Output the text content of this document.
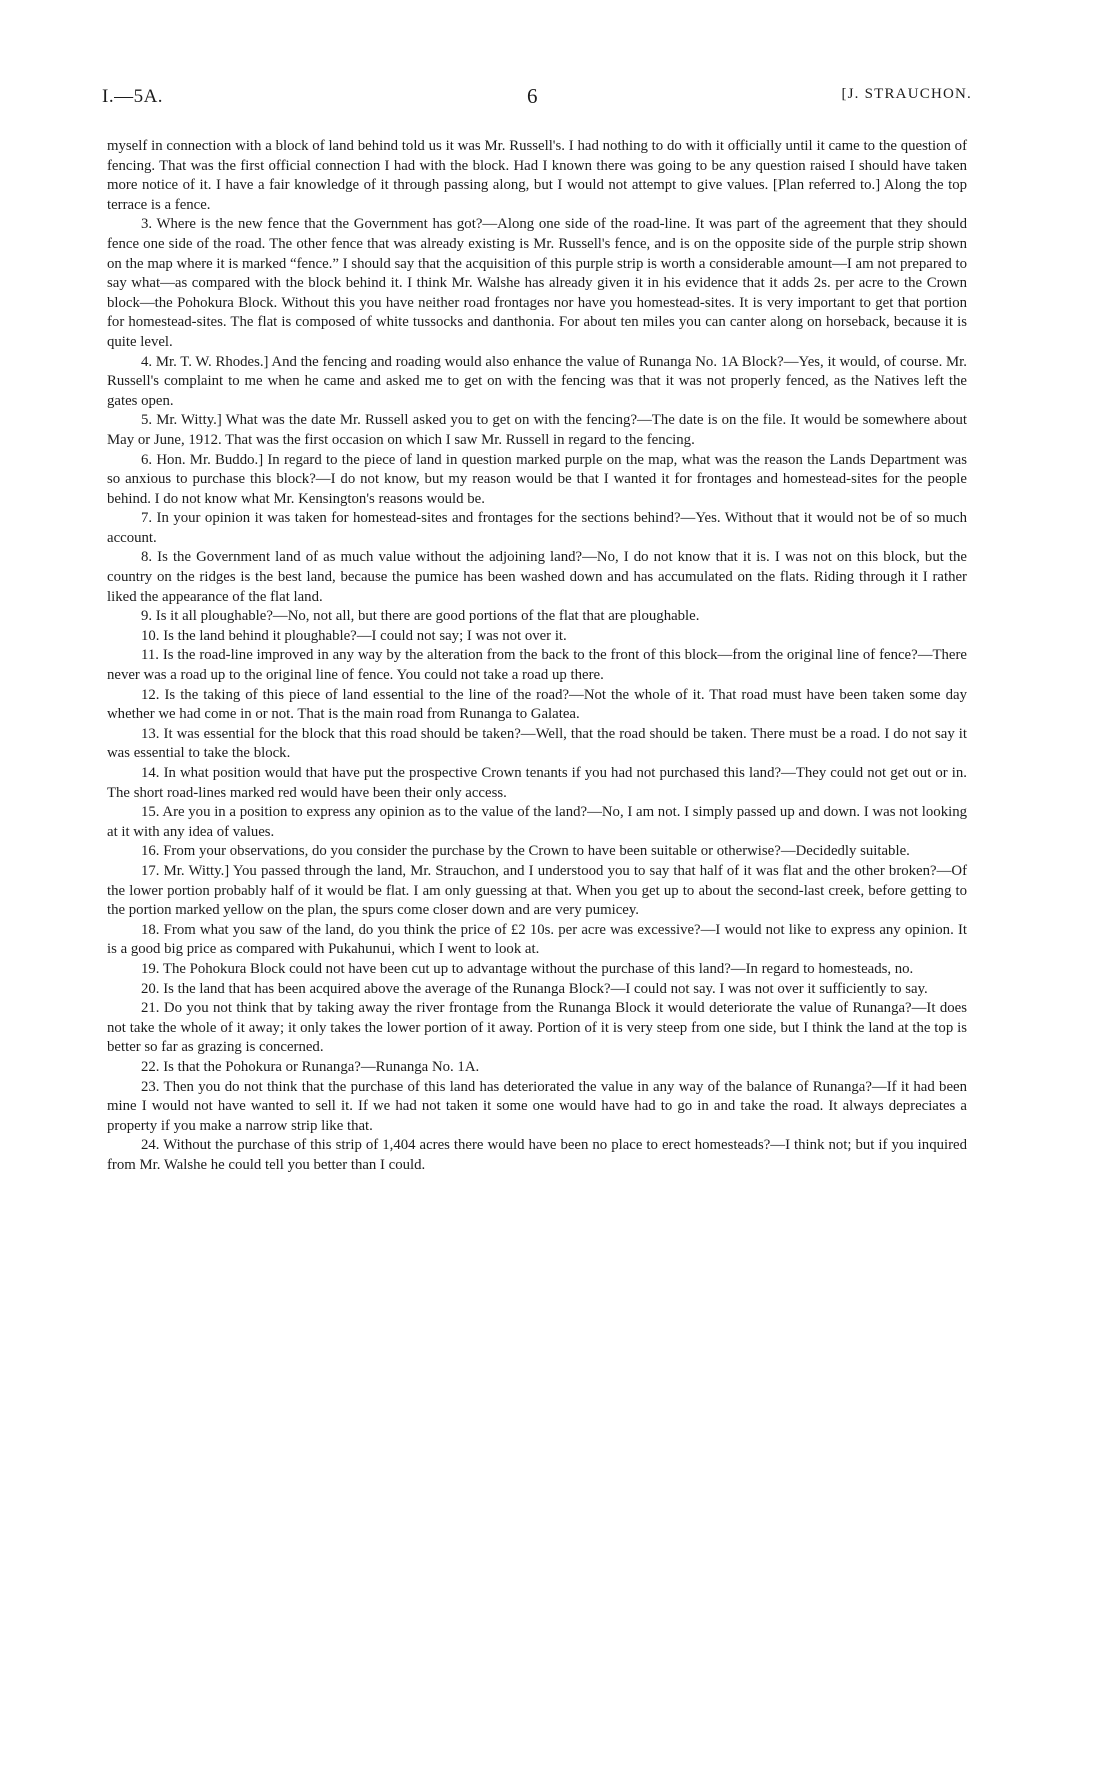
I.—5A.	6	[J. STRAUCHON.

myself in connection with a block of land behind told us it was Mr. Russell's. I had nothing to do with it officially until it came to the question of fencing. That was the first official connection I had with the block. Had I known there was going to be any question raised I should have taken more notice of it. I have a fair knowledge of it through passing along, but I would not attempt to give values. [Plan referred to.] Along the top terrace is a fence.

3. Where is the new fence that the Government has got?—Along one side of the road-line. It was part of the agreement that they should fence one side of the road. The other fence that was already existing is Mr. Russell's fence, and is on the opposite side of the purple strip shown on the map where it is marked “fence.” I should say that the acquisition of this purple strip is worth a considerable amount—I am not prepared to say what—as compared with the block behind it. I think Mr. Walshe has already given it in his evidence that it adds 2s. per acre to the Crown block—the Pohokura Block. Without this you have neither road frontages nor have you homestead-sites. It is very important to get that portion for homestead-sites. The flat is composed of white tussocks and danthonia. For about ten miles you can canter along on horseback, because it is quite level.

4. Mr. T. W. Rhodes.] And the fencing and roading would also enhance the value of Runanga No. 1A Block?—Yes, it would, of course. Mr. Russell's complaint to me when he came and asked me to get on with the fencing was that it was not properly fenced, as the Natives left the gates open.

5. Mr. Witty.] What was the date Mr. Russell asked you to get on with the fencing?—The date is on the file. It would be somewhere about May or June, 1912. That was the first occasion on which I saw Mr. Russell in regard to the fencing.

6. Hon. Mr. Buddo.] In regard to the piece of land in question marked purple on the map, what was the reason the Lands Department was so anxious to purchase this block?—I do not know, but my reason would be that I wanted it for frontages and homestead-sites for the people behind. I do not know what Mr. Kensington's reasons would be.

7. In your opinion it was taken for homestead-sites and frontages for the sections behind?—Yes. Without that it would not be of so much account.

8. Is the Government land of as much value without the adjoining land?—No, I do not know that it is. I was not on this block, but the country on the ridges is the best land, because the pumice has been washed down and has accumulated on the flats. Riding through it I rather liked the appearance of the flat land.

9. Is it all ploughable?—No, not all, but there are good portions of the flat that are ploughable.

10. Is the land behind it ploughable?—I could not say; I was not over it.

11. Is the road-line improved in any way by the alteration from the back to the front of this block—from the original line of fence?—There never was a road up to the original line of fence. You could not take a road up there.

12. Is the taking of this piece of land essential to the line of the road?—Not the whole of it. That road must have been taken some day whether we had come in or not. That is the main road from Runanga to Galatea.

13. It was essential for the block that this road should be taken?—Well, that the road should be taken. There must be a road. I do not say it was essential to take the block.

14. In what position would that have put the prospective Crown tenants if you had not purchased this land?—They could not get out or in. The short road-lines marked red would have been their only access.

15. Are you in a position to express any opinion as to the value of the land?—No, I am not. I simply passed up and down. I was not looking at it with any idea of values.

16. From your observations, do you consider the purchase by the Crown to have been suitable or otherwise?—Decidedly suitable.

17. Mr. Witty.] You passed through the land, Mr. Strauchon, and I understood you to say that half of it was flat and the other broken?—Of the lower portion probably half of it would be flat. I am only guessing at that. When you get up to about the second-last creek, before getting to the portion marked yellow on the plan, the spurs come closer down and are very pumicey.

18. From what you saw of the land, do you think the price of £2 10s. per acre was excessive?—I would not like to express any opinion. It is a good big price as compared with Pukahunui, which I went to look at.

19. The Pohokura Block could not have been cut up to advantage without the purchase of this land?—In regard to homesteads, no.

20. Is the land that has been acquired above the average of the Runanga Block?—I could not say. I was not over it sufficiently to say.

21. Do you not think that by taking away the river frontage from the Runanga Block it would deteriorate the value of Runanga?—It does not take the whole of it away; it only takes the lower portion of it away. Portion of it is very steep from one side, but I think the land at the top is better so far as grazing is concerned.

22. Is that the Pohokura or Runanga?—Runanga No. 1A.

23. Then you do not think that the purchase of this land has deteriorated the value in any way of the balance of Runanga?—If it had been mine I would not have wanted to sell it. If we had not taken it some one would have had to go in and take the road. It always depreciates a property if you make a narrow strip like that.

24. Without the purchase of this strip of 1,404 acres there would have been no place to erect homesteads?—I think not; but if you inquired from Mr. Walshe he could tell you better than I could.
